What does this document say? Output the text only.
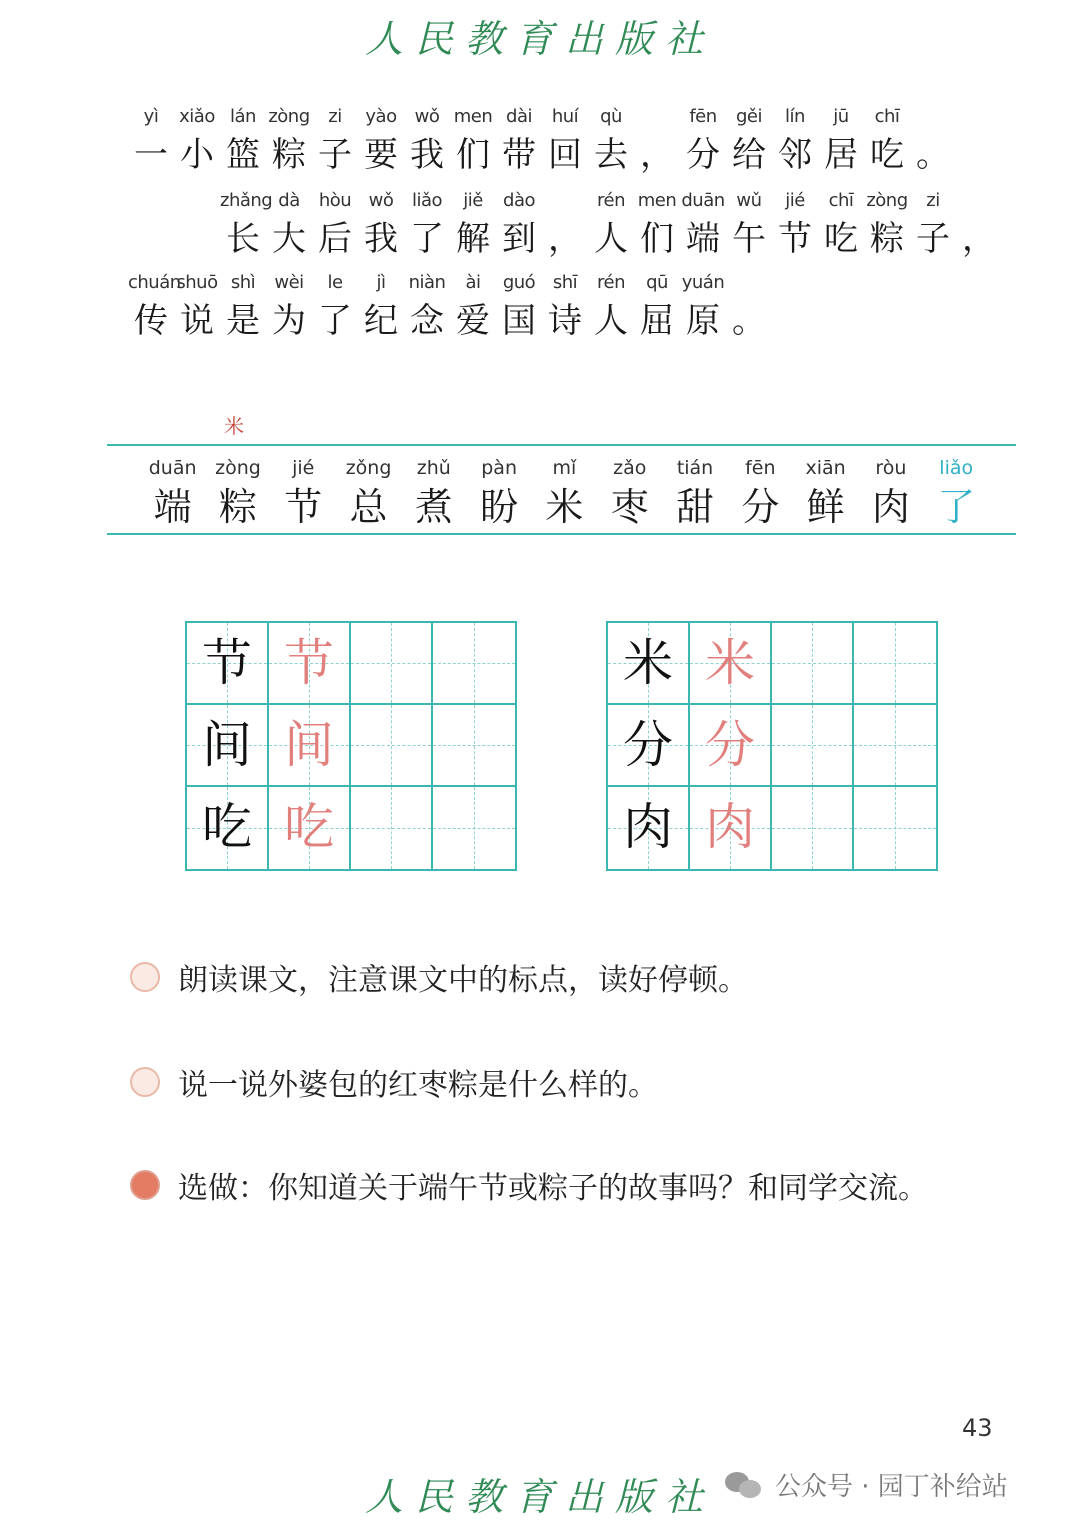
人民教育出版社
yì
一
xiǎo
小
lán
篮
zòng
粽
zi
子
yào
要
wǒ
我
men
们
dài
带
huí
回
qù
去 ，
fēn
分
gěi
给
lín
邻
jū
居
chī
吃 。
zhǎng
长
dà
大
hòu
后
wǒ
我
liǎo
了
jiě
解
dào
到 ，
rén
人
men
们
duān
端
wǔ
午
jié
节
chī
吃
zòng
粽
zi
子 ，
chuán
传
shuō
说
shì
是
wèi
为
le
了
jì
纪
niàn
念
ài
爱
guó
国
shī
诗
rén
人
qū
屈
yuán
原 。
米
duān
端
zòng
粽
jié
节
zǒng
总
zhǔ
煮
pàn
盼
mǐ
米
zǎo
枣
tián
甜
fēn
分
xiān
鲜
ròu
肉
liǎo
了
节 节
间 间
吃 吃
米 米
分 分
肉 肉
朗读课文，注意课文中的标点，读好停顿。
说一说外婆包的红枣粽是什么样的。
选做：你知道关于端午节或粽子的故事吗？和同学交流。
43
公众号 · 园丁补给站
人民教育出版社
